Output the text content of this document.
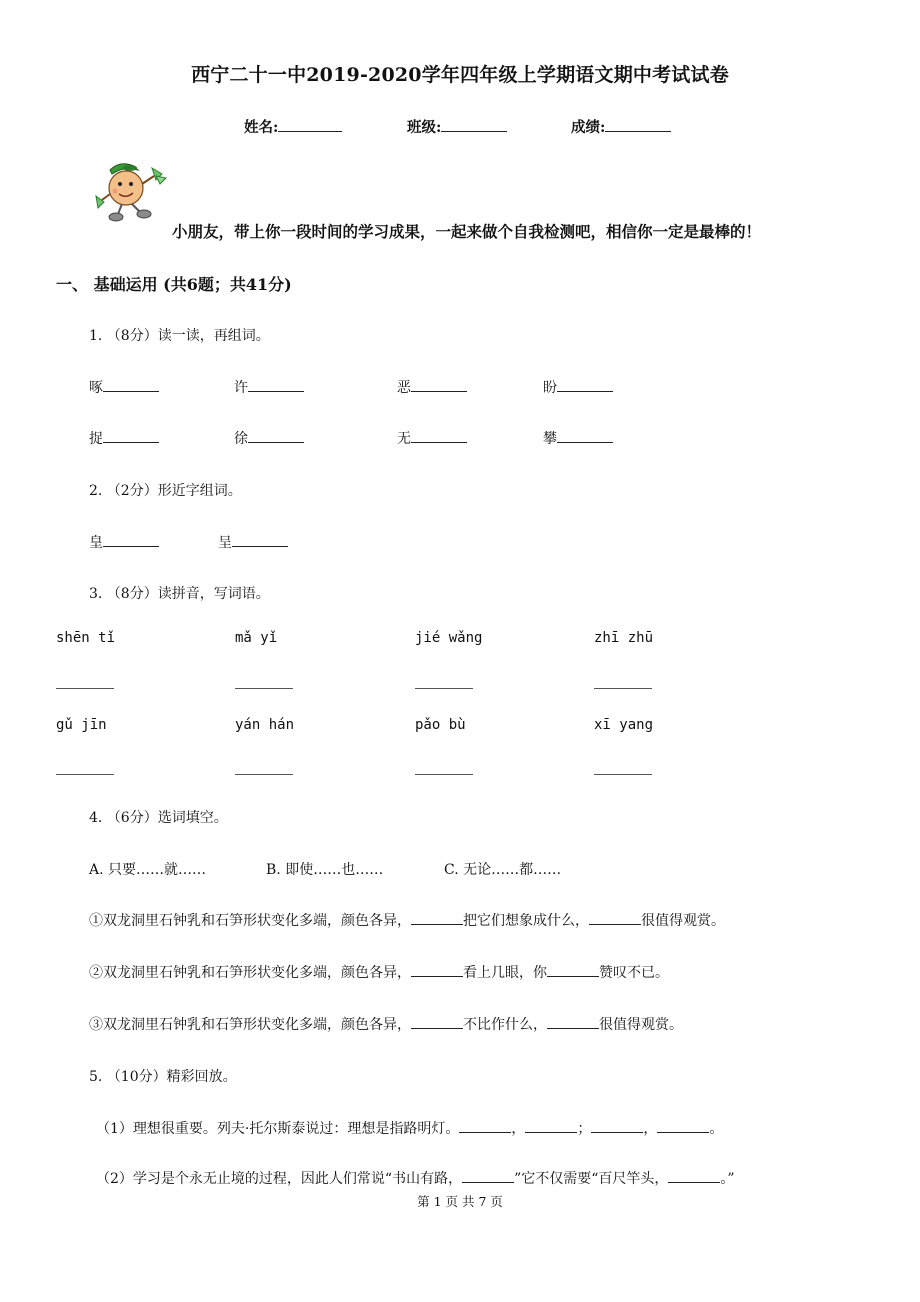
西宁二十一中2019-2020学年四年级上学期语文期中考试试卷
姓名:	班级:	成绩:
小朋友，带上你一段时间的学习成果，一起来做个自我检测吧，相信你一定是最棒的！
一、 基础运用 (共6题；共41分)
1. （8分）读一读，再组词。
啄	许	恶	盼
捉	徐	无	攀
2. （2分）形近字组词。
皇	呈
3. （8分）读拼音，写词语。
shēn tǐ	mǎ yǐ	jié wǎng	zhī zhū
gǔ jīn	yán hán	pǎo bù	xī yang
4. （6分）选词填空。
A. 只要……就……	B. 即使……也……	C. 无论……都……
①双龙洞里石钟乳和石笋形状变化多端，颜色各异，	把它们想象成什么，	很值得观赏。
②双龙洞里石钟乳和石笋形状变化多端，颜色各异，	看上几眼，你	赞叹不已。
③双龙洞里石钟乳和石笋形状变化多端，颜色各异，	不比作什么，	很值得观赏。
5. （10分）精彩回放。
（1）理想很重要。列夫·托尔斯泰说过：理想是指路明灯。	，	；	，	。
（2）学习是个永无止境的过程，因此人们常说“书山有路，	”它不仅需要“百尺竿头，	。”
第 1 页 共 7 页
